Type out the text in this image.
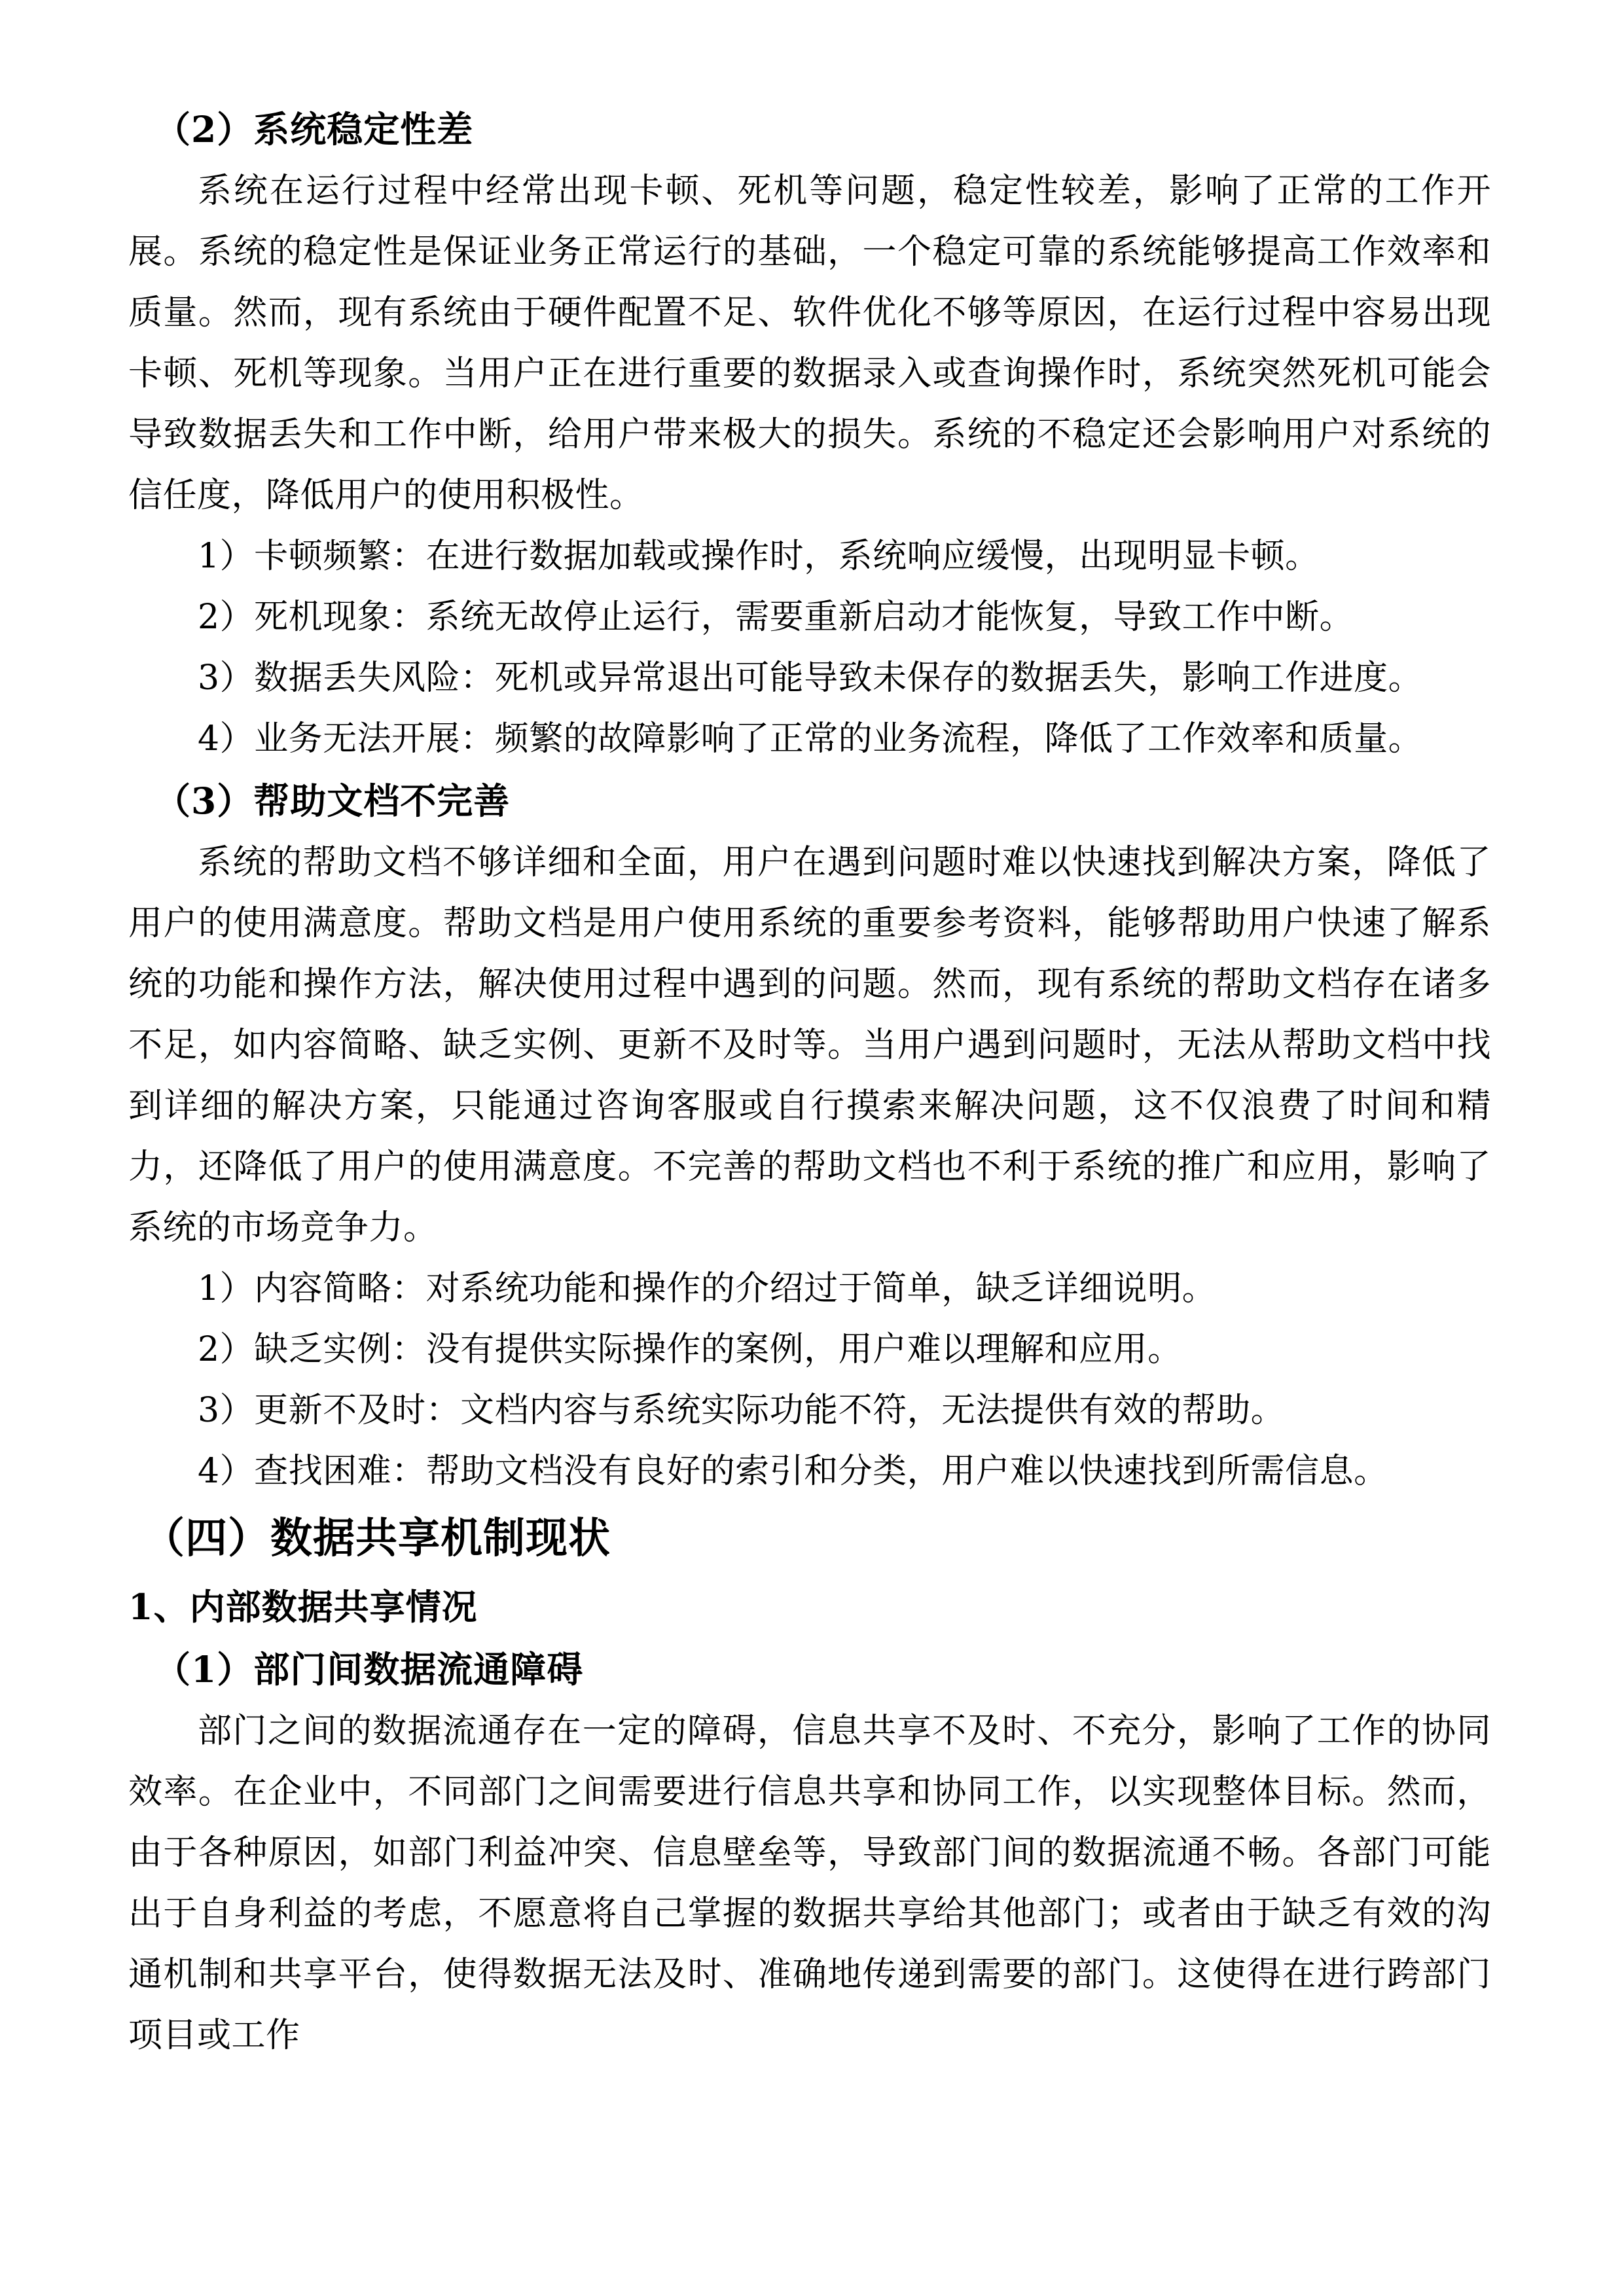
（2）系统稳定性差
系统在运行过程中经常出现卡顿、死机等问题，稳定性较差，影响了正常的工作开展。系统的稳定性是保证业务正常运行的基础，一个稳定可靠的系统能够提高工作效率和质量。然而，现有系统由于硬件配置不足、软件优化不够等原因，在运行过程中容易出现卡顿、死机等现象。当用户正在进行重要的数据录入或查询操作时，系统突然死机可能会导致数据丢失和工作中断，给用户带来极大的损失。系统的不稳定还会影响用户对系统的信任度，降低用户的使用积极性。
1）卡顿频繁：在进行数据加载或操作时，系统响应缓慢，出现明显卡顿。
2）死机现象：系统无故停止运行，需要重新启动才能恢复，导致工作中断。
3）数据丢失风险：死机或异常退出可能导致未保存的数据丢失，影响工作进度。
4）业务无法开展：频繁的故障影响了正常的业务流程，降低了工作效率和质量。
（3）帮助文档不完善
系统的帮助文档不够详细和全面，用户在遇到问题时难以快速找到解决方案，降低了用户的使用满意度。帮助文档是用户使用系统的重要参考资料，能够帮助用户快速了解系统的功能和操作方法，解决使用过程中遇到的问题。然而，现有系统的帮助文档存在诸多不足，如内容简略、缺乏实例、更新不及时等。当用户遇到问题时，无法从帮助文档中找到详细的解决方案，只能通过咨询客服或自行摸索来解决问题，这不仅浪费了时间和精力，还降低了用户的使用满意度。不完善的帮助文档也不利于系统的推广和应用，影响了系统的市场竞争力。
1）内容简略：对系统功能和操作的介绍过于简单，缺乏详细说明。
2）缺乏实例：没有提供实际操作的案例，用户难以理解和应用。
3）更新不及时：文档内容与系统实际功能不符，无法提供有效的帮助。
4）查找困难：帮助文档没有良好的索引和分类，用户难以快速找到所需信息。
（四）数据共享机制现状
1、内部数据共享情况
（1）部门间数据流通障碍
部门之间的数据流通存在一定的障碍，信息共享不及时、不充分，影响了工作的协同效率。在企业中，不同部门之间需要进行信息共享和协同工作，以实现整体目标。然而，由于各种原因，如部门利益冲突、信息壁垒等，导致部门间的数据流通不畅。各部门可能出于自身利益的考虑，不愿意将自己掌握的数据共享给其他部门；或者由于缺乏有效的沟通机制和共享平台，使得数据无法及时、准确地传递到需要的部门。这使得在进行跨部门项目或工作
